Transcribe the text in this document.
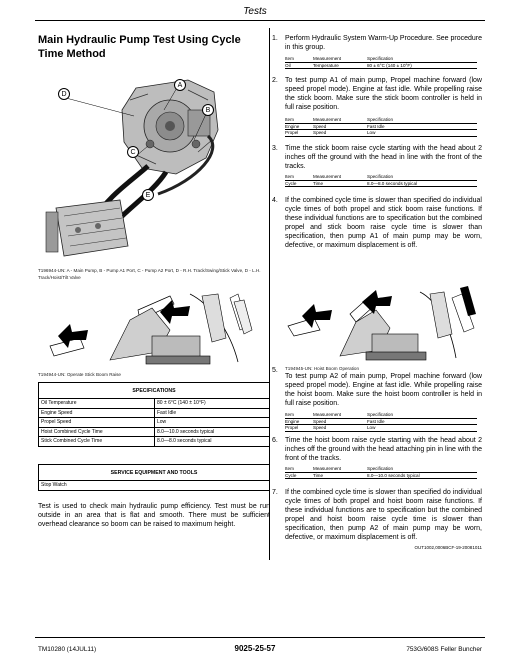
Tests
Main Hydraulic Pump Test Using Cycle Time Method
A
B
C
D
E
T196944-UN: A - Main Pump, B - Pump A1 Port, C - Pump A2 Port, D - R.H. Track/Swing/Stick Valve, D - L.H. Track/Hoist/Tilt Valve
T194944-UN: Operate Stick Boom Raise
SPECIFICATIONS	
Oil Temperature	80 ± 6°C (140 ± 10°F)
Engine Speed	Fast Idle
Propel Speed	Low
Hoist Combined Cycle Time	8.0—10.0 seconds typical
Stick Combined Cycle Time	8.0—8.0 seconds typical
SERVICE EQUIPMENT AND TOOLS
Stop Watch
Test is used to check main hydraulic pump efficiency. Test must be run outside in an area that is flat and smooth. There must be sufficient overhead clearance so boom can be raised to maximum height.
1. Perform Hydraulic System Warm-Up Procedure. See procedure in this group.
Item	Measurement	Specification
Oil	Temperature	80 ± 6°C (140 ± 10°F)
2. To test pump A1 of main pump, Propel machine forward (low speed propel mode). Engine at fast idle. While propelling raise the stick boom. Make sure the stick boom controller is held in full raise position.
Item	Measurement	Specification
Engine	Speed	Fast Idle
Propel	Speed	Low
3. Time the stick boom raise cycle starting with the head about 2 inches off the ground with the head in line with the front of the tracks.
Item	Measurement	Specification
Cycle	Time	8.0—8.0 seconds typical
4. If the combined cycle time is slower than specified do individual cycle times of both propel and stick boom raise functions. If these individual functions are to specification but the combined propel and stick boom raise cycle time is slower than specification, then pump A1 of main pump may be worn, defective, or maximum displacement is off.
5. T194945-UN: Hoist Boom Operation
To test pump A2 of main pump, Propel machine forward (low speed propel mode). Engine at fast idle. While propelling raise the hoist boom. Make sure the hoist boom controller is held in full raise position.
Item	Measurement	Specification
Engine	Speed	Fast Idle
Propel	Speed	Low
6. Time the hoist boom raise cycle starting with the head about 2 inches off the ground with the head attaching pin in line with the front of the tracks.
Item	Measurement	Specification
Cycle	Time	8.0—10.0 seconds typical
7. If the combined cycle time is slower than specified do individual cycle times of both propel and hoist boom raise functions. If these individual functions are to specification but the combined propel and hoist boom raise cycle time is slower than specification, then pump A2 of main pump may be worn, defective, or maximum displacement is off.
OUT1002,0006BCF-19-20081011
TM10280 (14JUL11)	9025-25-57	753G/608S Feller Buncher
